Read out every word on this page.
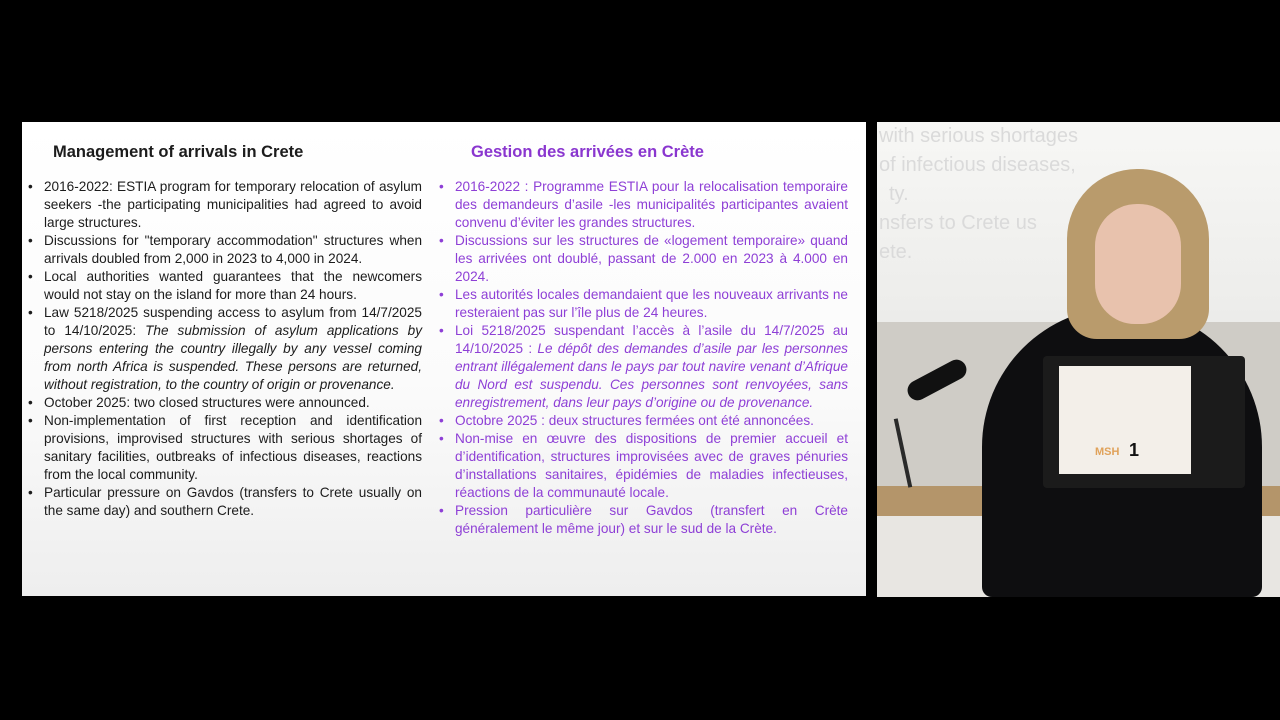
Management of arrivals in Crete
• 2016-2022: ESTIA program for temporary relocation of asylum seekers -the participating municipalities had agreed to avoid large structures.
• Discussions for "temporary accommodation" structures when arrivals doubled from 2,000 in 2023 to 4,000 in 2024.
• Local authorities wanted guarantees that the newcomers would not stay on the island for more than 24 hours.
• Law 5218/2025 suspending access to asylum from 14/7/2025 to 14/10/2025: The submission of asylum applications by persons entering the country illegally by any vessel coming from north Africa is suspended. These persons are returned, without registration, to the country of origin or provenance.
• October 2025: two closed structures were announced.
• Non-implementation of first reception and identification provisions, improvised structures with serious shortages of sanitary facilities, outbreaks of infectious diseases, reactions from the local community.
• Particular pressure on Gavdos (transfers to Crete usually on the same day) and southern Crete.
Gestion des arrivées en Crète
• 2016-2022 : Programme ESTIA pour la relocalisation temporaire des demandeurs d’asile -les municipalités participantes avaient convenu d’éviter les grandes structures.
• Discussions sur les structures de «logement temporaire» quand les arrivées ont doublé, passant de 2.000 en 2023 à 4.000 en 2024.
• Les autorités locales demandaient que les nouveaux arrivants ne resteraient pas sur l’île plus de 24 heures.
• Loi 5218/2025 suspendant l’accès à l’asile du 14/7/2025 au 14/10/2025 : Le dépôt des demandes d’asile par les personnes entrant illégalement dans le pays par tout navire venant d’Afrique du Nord est suspendu. Ces personnes sont renvoyées, sans enregistrement, dans leur pays d’origine ou de provenance.
• Octobre 2025 : deux structures fermées ont été annoncées.
• Non-mise en œuvre des dispositions de premier accueil et d’identification, structures improvisées avec de graves pénuries d’installations sanitaires, épidémies de maladies infectieuses, réactions de la communauté locale.
• Pression particulière sur Gavdos (transfert en Crète généralement le même jour) et sur le sud de la Crète.
with serious shortages
of infectious diseases,
ty.
nsfers to Crete us
ete.
MSH 1
